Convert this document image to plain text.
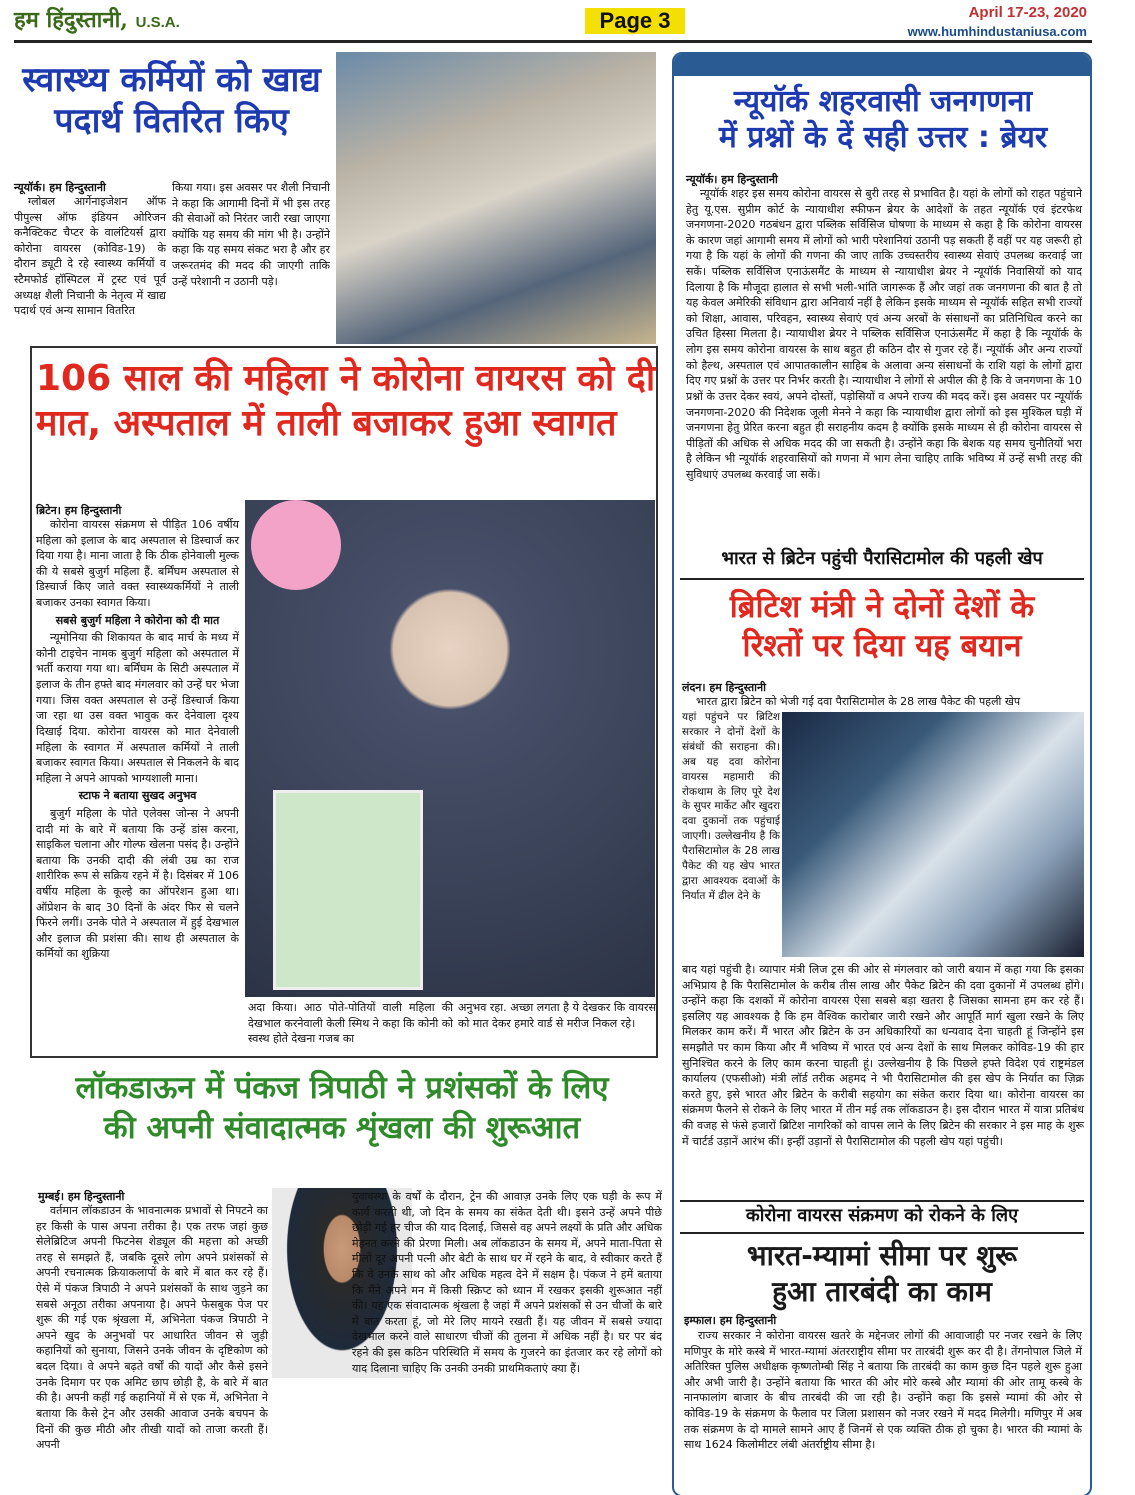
हम हिंदुस्तानी, U.S.A.	Page 3	April 17-23, 2020
www.humhindustaniusa.com
स्वास्थ्य कर्मियों को खाद्य
पदार्थ वितरित किए
न्यूयॉर्क। हम हिन्दुस्तानी

ग्लोबल आर्गेनाइजेशन ऑफ पीपुल्स ऑफ इंडियन ओरिजन कनैक्टिकट चैप्टर के वालंटियर्स द्वारा कोरोना वायरस (कोविड-19) के दौरान ड्यूटी दे रहे स्वास्थ्य कर्मियों व स्टैमफोर्ड हॉस्पिटल में ट्रस्ट एवं पूर्व अध्यक्ष शैली निचानी के नेतृत्व में खाद्य पदार्थ एवं अन्य सामान वितरित

किया गया। इस अवसर पर शैली निचानी ने कहा कि आगामी दिनों में भी इस तरह की सेवाओं को निरंतर जारी रखा जाएगा क्योंकि यह समय की मांग भी है। उन्होंने कहा कि यह समय संकट भरा है और हर जरूरतमंद की मदद की जाएगी ताकि उन्हें परेशानी न उठानी पड़े।

106 साल की महिला ने कोरोना वायरस को दी
मात, अस्पताल में ताली बजाकर हुआ स्वागत
ब्रिटेन। हम हिन्दुस्तानी

कोरोना वायरस संक्रमण से पीड़ित 106 वर्षीय महिला को इलाज के बाद अस्पताल से डिस्चार्ज कर दिया गया है। माना जाता है कि ठीक होनेवाली मुल्क की ये सबसे बुजुर्ग महिला हैं. बर्मिंघम अस्पताल से डिस्चार्ज किए जाते वक्त स्वास्थ्यकर्मियों ने ताली बजाकर उनका स्वागत किया।

सबसे बुजुर्ग महिला ने कोरोना को दी मात

न्यूमोनिया की शिकायत के बाद मार्च के मध्य में कोनी टाइचेन नामक बुजुर्ग महिला को अस्पताल में भर्ती कराया गया था। बर्मिंघम के सिटी अस्पताल में इलाज के तीन हफ्ते बाद मंगलवार को उन्हें घर भेजा गया। जिस वक्त अस्पताल से उन्हें डिस्चार्ज किया जा रहा था उस वक्त भावुक कर देनेवाला दृश्य दिखाई दिया. कोरोना वायरस को मात देनेवाली महिला के स्वागत में अस्पताल कर्मियों ने ताली बजाकर स्वागत किया। अस्पताल से निकलने के बाद महिला ने अपने आपको भाग्यशाली माना।

स्टाफ ने बताया सुखद अनुभव

बुजुर्ग महिला के पोते एलेक्स जोन्स ने अपनी दादी मां के बारे में बताया कि उन्हें डांस करना, साइकिल चलाना और गोल्फ खेलना पसंद है। उन्होंने बताया कि उनकी दादी की लंबी उम्र का राज शारीरिक रूप से सक्रिय रहने में है। दिसंबर में 106 वर्षीय महिला के कूल्हे का ऑपरेशन हुआ था। ऑप्रेशन के बाद 30 दिनों के अंदर फिर से चलने फिरने लगीं। उनके पोते ने अस्पताल में हुई देखभाल और इलाज की प्रशंसा की। साथ ही अस्पताल के कर्मियों का शुक्रिया

अदा किया। आठ पोते-पोतियों वाली महिला की देखभाल करनेवाली केली स्मिथ ने कहा कि कोनी को स्वस्थ होते देखना गजब का

अनुभव रहा. अच्छा लगता है ये देखकर कि वायरस को मात देकर हमारे वार्ड से मरीज निकल रहे।

लॉकडाऊन में पंकज त्रिपाठी ने प्रशंसकों के लिए
की अपनी संवादात्मक शृंखला की शुरूआत
मुम्बई। हम हिन्दुस्तानी

वर्तमान लॉकडाउन के भावनात्मक प्रभावों से निपटने का हर किसी के पास अपना तरीका है। एक तरफ जहां कुछ सेलेब्रिटिज अपनी फिटनेस शेड्यूल की महत्ता को अच्छी तरह से समझते हैं, जबकि दूसरे लोग अपने प्रशंसकों से अपनी रचनात्मक क्रियाकलापों के बारे में बात कर रहे हैं। ऐसे में पंकज त्रिपाठी ने अपने प्रशंसकों के साथ जुड़ने का सबसे अनूठा तरीका अपनाया है। अपने फेसबुक पेज पर शुरू की गई एक श्रृंखला में, अभिनेता पंकज त्रिपाठी ने अपने खुद के अनुभवों पर आधारित जीवन से जुड़ी कहानियों को सुनाया, जिसने उनके जीवन के दृष्टिकोण को बदल दिया। वे अपने बढ़ते वर्षों की यादों और कैसे इसने उनके दिमाग पर एक अमिट छाप छोड़ी है, के बारे में बात की है। अपनी कहीं गई कहानियों में से एक में, अभिनेता ने बताया कि कैसे ट्रेन और उसकी आवाज उनके बचपन के दिनों की कुछ मीठी और तीखी यादों को ताजा करती हैं। अपनी

युवावस्था के वर्षों के दौरान, ट्रेन की आवाज़ उनके लिए एक घड़ी के रूप में कार्य करती थी, जो दिन के समय का संकेत देती थी। इसने उन्हें अपने पीछे छोड़ी गई हर चीज की याद दिलाई, जिससे वह अपने लक्ष्यों के प्रति और अधिक मेहनत करने की प्रेरणा मिली। अब लॉकडाउन के समय में, अपने माता-पिता से मीलों दूर अपनी पत्नी और बेटी के साथ घर में रहने के बाद, वे स्वीकार करते हैं कि वे उनके साथ को और अधिक महत्व देने में सक्षम है। पंकज ने हमें बताया कि मैंने अपने मन में किसी स्क्रिप्ट को ध्यान में रखकर इसकी शुरूआत नहीं की। यह एक संवादात्मक श्रृंखला है जहां मैं अपने प्रशंसकों से उन चीजों के बारे में बात करता हूं, जो मेरे लिए मायने रखती हैं। यह जीवन में सबसे ज्यादा देखभाल करने वाले साधारण चीजों की तुलना में अधिक नहीं है। घर पर बंद रहने की इस कठिन परिस्थिति में समय के गुजरने का इंतजार कर रहे लोगों को याद दिलाना चाहिए कि उनकी उनकी प्राथमिकताएं क्या हैं।

न्यूयॉर्क शहरवासी जनगणना
में प्रश्नों के दें सही उत्तर : ब्रेयर
न्यूयॉर्क। हम हिन्दुस्तानी

न्यूयॉर्क शहर इस समय कोरोना वायरस से बुरी तरह से प्रभावित है। यहां के लोगों को राहत पहुंचाने हेतु यू.एस. सुप्रीम कोर्ट के न्यायाधीश स्फीफन ब्रेयर के आदेशों के तहत न्यूयॉर्क एवं इंटरफेथ जनगणना-2020 गठबंधन द्वारा पब्लिक सर्विसिज घोषणा के माध्यम से कहा है कि कोरोना वायरस के कारण जहां आगामी समय में लोगों को भारी परेशानियां उठानी पड़ सकती हैं वहीं पर यह जरूरी हो गया है कि यहां के लोगों की गणना की जाए ताकि उच्चस्तरीय स्वास्थ्य सेवाएं उपलब्ध करवाई जा सकें। पब्लिक सर्विसिज एनाऊंसमैंट के माध्यम से न्यायाधीश ब्रेयर ने न्यूयॉर्क निवासियों को याद दिलाया है कि मौजूदा हालात से सभी भली-भांति जागरूक हैं और जहां तक जनगणना की बात है तो यह केवल अमेरिकी संविधान द्वारा अनिवार्य नहीं है लेकिन इसके माध्यम से न्यूयॉर्क सहित सभी राज्यों को शिक्षा, आवास, परिवहन, स्वास्थ्य सेवाएं एवं अन्य अरबों के संसाधनों का प्रतिनिधित्व करने का उचित हिस्सा मिलता है। न्यायाधीश ब्रेयर ने पब्लिक सर्विसिज एनाऊंसमैंट में कहा है कि न्यूयॉर्क के लोग इस समय कोरोना वायरस के साथ बहुत ही कठिन दौर से गुजर रहे हैं। न्यूयॉर्क और अन्य राज्यों को हैल्थ, अस्पताल एवं आपातकालीन साहिब के अलावा अन्य संसाधनों के राशि यहां के लोगों द्वारा दिए गए प्रश्नों के उत्तर पर निर्भर करती है। न्यायाधीश ने लोगों से अपील की है कि वे जनगणना के 10 प्रश्नों के उत्तर देकर स्वयं, अपने दोस्तों, पड़ोसियों व अपने राज्य की मदद करें। इस अवसर पर न्यूयॉर्क जनगणना-2020 की निदेशक जूली मेनने ने कहा कि न्यायाधीश द्वारा लोगों को इस मुश्किल घड़ी में जनगणना हेतु प्रेरित करना बहुत ही सराहनीय कदम है क्योंकि इसके माध्यम से ही कोरोना वायरस से पीड़ितों की अधिक से अधिक मदद की जा सकती है। उन्होंने कहा कि बेशक यह समय चुनौतियों भरा है लेकिन भी न्यूयॉर्क शहरवासियों को गणना में भाग लेना चाहिए ताकि भविष्य में उन्हें सभी तरह की सुविधाएं उपलब्ध करवाई जा सकें।

भारत से ब्रिटेन पहुंची पैरासिटामोल की पहली खेप
ब्रिटिश मंत्री ने दोनों देशों के
रिश्तों पर दिया यह बयान
लंदन। हम हिन्दुस्तानी

भारत द्वारा ब्रिटेन को भेजी गई दवा पैरासिटामोल के 28 लाख पैकेट की पहली खेप

यहां पहुंचने पर ब्रिटिश सरकार ने दोनों देशों के संबंधों की सराहना की। अब यह दवा कोरोना वायरस महामारी की रोकथाम के लिए पूरे देश के सुपर मार्केट और खुदरा दवा दुकानों तक पहुंचाई जाएगी। उल्लेखनीय है कि पैरासिटामोल के 28 लाख पैकेट की यह खेप भारत द्वारा आवश्यक दवाओं के निर्यात में ढील देने के

बाद यहां पहुंची है। व्यापार मंत्री लिज ट्रस की ओर से मंगलवार को जारी बयान में कहा गया कि इसका अभिप्राय है कि पैरासिटामोल के करीब तीस लाख और पैकेट ब्रिटेन की दवा दुकानों में उपलब्ध होंगे। उन्होंने कहा कि दशकों में कोरोना वायरस ऐसा सबसे बड़ा खतरा है जिसका सामना हम कर रहे हैं। इसलिए यह आवश्यक है कि हम वैश्विक कारोबार जारी रखने और आपूर्ति मार्ग खुला रखने के लिए मिलकर काम करें। मैं भारत और ब्रिटेन के उन अधिकारियों का धन्यवाद देना चाहती हूं जिन्होंने इस समझौते पर काम किया और मैं भविष्य में भारत एवं अन्य देशों के साथ मिलकर कोविड-19 की हार सुनिश्चित करने के लिए काम करना चाहती हूं। उल्लेखनीय है कि पिछले हफ्ते विदेश एवं राष्ट्रमंडल कार्यालय (एफसीओ) मंत्री लॉर्ड तरीक अहमद ने भी पैरासिटामोल की इस खेप के निर्यात का ज़िक्र करते हुए, इसे भारत और ब्रिटेन के करीबी सहयोग का संकेत करार दिया था। कोरोना वायरस का संक्रमण फैलने से रोकने के लिए भारत में तीन मई तक लॉकडाउन है। इस दौरान भारत में यात्रा प्रतिबंध की वजह से फंसे हजारों ब्रिटिश नागरिकों को वापस लाने के लिए ब्रिटेन की सरकार ने इस माह के शुरू में चार्टर्ड उड़ानें आरंभ कीं। इन्हीं उड़ानों से पैरासिटामोल की पहली खेप यहां पहुंची।

कोरोना वायरस संक्रमण को रोकने के लिए
भारत-म्यामां सीमा पर शुरू
हुआ तारबंदी का काम
इम्फाल। हम हिन्दुस्तानी

राज्य सरकार ने कोरोना वायरस खतरे के मद्देनजर लोगों की आवाजाही पर नजर रखने के लिए मणिपुर के मोरे कस्बे में भारत-म्यामां अंतरराष्ट्रीय सीमा पर तारबंदी शुरू कर दी है। तेंगनोपाल जिले में अतिरिक्त पुलिस अधीक्षक कृष्णतोम्बी सिंह ने बताया कि तारबंदी का काम कुछ दिन पहले शुरू हुआ और अभी जारी है। उन्होंने बताया कि भारत की ओर मोरे कस्बे और म्यामां की ओर तामू कस्बे के नानफालांग बाजार के बीच तारबंदी की जा रही है। उन्होंने कहा कि इससे म्यामां की ओर से कोविड-19 के संक्रमण के फैलाव पर जिला प्रशासन को नजर रखने में मदद मिलेगी। मणिपुर में अब तक संक्रमण के दो मामले सामने आए हैं जिनमें से एक व्यक्ति ठीक हो चुका है। भारत की म्यामां के साथ 1624 किलोमीटर लंबी अंतर्राष्ट्रीय सीमा है।
